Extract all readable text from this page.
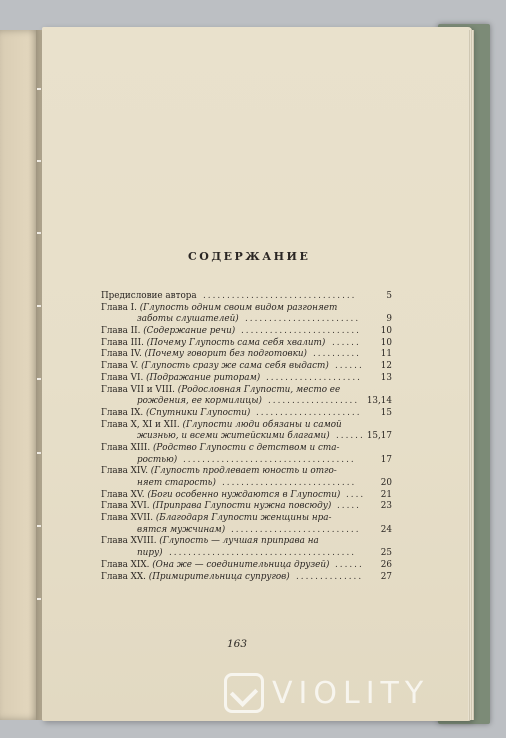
СОДЕРЖАНИЕ
Предисловие автора ................................	5
Глава I. (Глупость одним своим видом разгоняет
заботы слушателей) ........................	9
Глава II. (Содержание речи) .........................	10
Глава III. (Почему Глупость сама себя хвалит) ......	10
Глава IV. (Почему говорит без подготовки) ..........	11
Глава V. (Глупость сразу же сама себя выдаст) ......	12
Глава VI. (Подражание риторам) ....................	13
Глава VII и VIII. (Родословная Глупости, место ее
рождения, ее кормилицы) ................... 13,14
Глава IX. (Спутники Глупости) ......................	15
Глава X, XI и XII. (Глупости люди обязаны и самой
жизнью, и всеми житейскими благами) ...... 15,17
Глава XIII. (Родство Глупости с детством и ста-
ростью) ....................................	17
Глава XIV. (Глупость продлевает юность и отго-
няет старость) ............................	20
Глава XV. (Боги особенно нуждаются в Глупости) ....	21
Глава XVI. (Приправа Глупости нужна повсюду) .....	23
Глава XVII. (Благодаря Глупости женщины нра-
вятся мужчинам) ...........................	24
Глава XVIII. (Глупость — лучшая приправа на
пиру) .......................................	25
Глава XIX. (Она же — соединительница друзей) ......	26
Глава XX. (Примирительница супругов) ..............	27
163
VIOLITY
